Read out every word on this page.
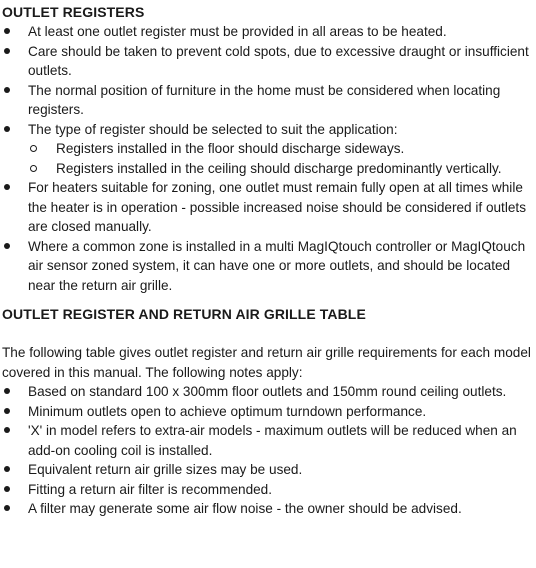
OUTLET REGISTERS
At least one outlet register must be provided in all areas to be heated.
Care should be taken to prevent cold spots, due to excessive draught or insufficient outlets.
The normal position of furniture in the home must be considered when locating registers.
The type of register should be selected to suit the application:
Registers installed in the floor should discharge sideways.
Registers installed in the ceiling should discharge predominantly vertically.
For heaters suitable for zoning, one outlet must remain fully open at all times while the heater is in operation - possible increased noise should be considered if outlets are closed manually.
Where a common zone is installed in a multi MagIQtouch controller or MagIQtouch air sensor zoned system, it can have one or more outlets, and should be located near the return air grille.
OUTLET REGISTER AND RETURN AIR GRILLE TABLE

The following table gives outlet register and return air grille requirements for each model covered in this manual. The following notes apply:

Based on standard 100 x 300mm floor outlets and 150mm round ceiling outlets.
Minimum outlets open to achieve optimum turndown performance.
'X' in model refers to extra-air models - maximum outlets will be reduced when an add-on cooling coil is installed.
Equivalent return air grille sizes may be used.
Fitting a return air filter is recommended.
A filter may generate some air flow noise - the owner should be advised.
